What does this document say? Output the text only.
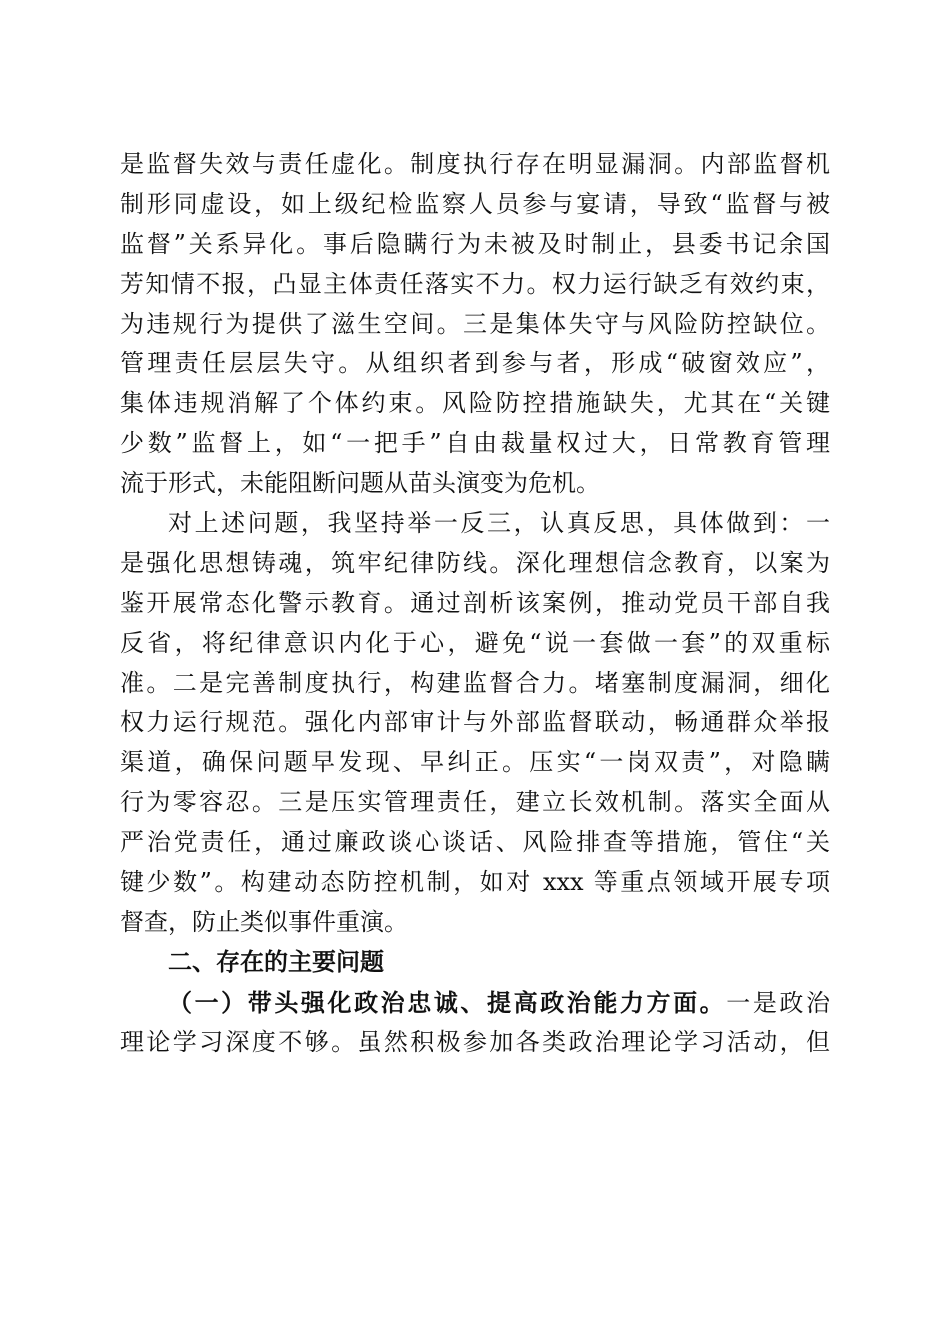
是监督失效与责任虚化。制度执行存在明显漏洞。内部监督机
制形同虚设，如上级纪检监察人员参与宴请，导致“监督与被
监督”关系异化。事后隐瞒行为未被及时制止，县委书记余国
芳知情不报，凸显主体责任落实不力。权力运行缺乏有效约束，
为违规行为提供了滋生空间。三是集体失守与风险防控缺位。
管理责任层层失守。从组织者到参与者，形成“破窗效应”，
集体违规消解了个体约束。风险防控措施缺失，尤其在“关键
少数”监督上，如“一把手”自由裁量权过大，日常教育管理
流于形式，未能阻断问题从苗头演变为危机。
对上述问题，我坚持举一反三，认真反思，具体做到：一
是强化思想铸魂，筑牢纪律防线。深化理想信念教育，以案为
鉴开展常态化警示教育。通过剖析该案例，推动党员干部自我
反省，将纪律意识内化于心，避免“说一套做一套”的双重标
准。二是完善制度执行，构建监督合力。堵塞制度漏洞，细化
权力运行规范。强化内部审计与外部监督联动，畅通群众举报
渠道，确保问题早发现、早纠正。压实“一岗双责”，对隐瞒
行为零容忍。三是压实管理责任，建立长效机制。落实全面从
严治党责任，通过廉政谈心谈话、风险排查等措施，管住“关
键少数”。构建动态防控机制，如对 xxx 等重点领域开展专项
督查，防止类似事件重演。
二、存在的主要问题
（一）带头强化政治忠诚、提高政治能力方面。一是政治
理论学习深度不够。虽然积极参加各类政治理论学习活动，但
